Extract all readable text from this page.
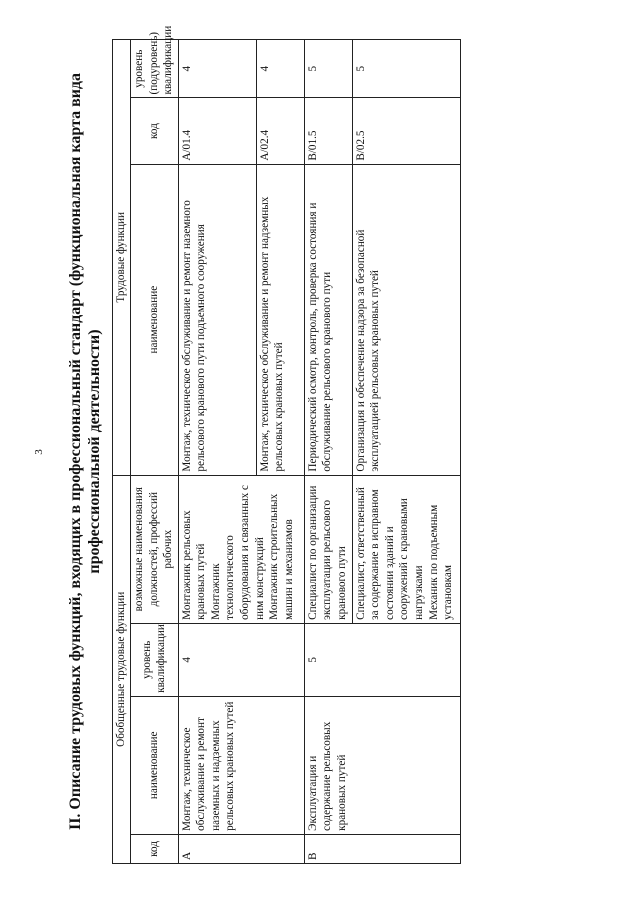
3	II. Описание трудовых функций, входящих в профессиональный стандарт (функциональная карта вида профессиональной деятельности)
Обобщенные трудовые функции				Трудовые функции		
код	наименование	уровень квалификации	возможные наименования должностей, профессий рабочих	наименование	код	уровень (подуровень) квалификации
A	Монтаж, техническое обслуживание и ремонт наземных и надземных рельсовых крановых путей	4	Монтажник рельсовых крановых путей Монтажник технологического оборудования и связанных с ним конструкций Монтажник строительных машин и механизмов	Монтаж, техническое обслуживание и ремонт наземного рельсового кранового пути подъемного сооружения	A/01.4	4
				Монтаж, техническое обслуживание и ремонт надземных рельсовых крановых путей	A/02.4	4
B	Эксплуатация и содержание рельсовых крановых путей	5	Специалист по организации эксплуатации рельсового кранового пути	Периодический осмотр, контроль, проверка состояния и обслуживание рельсового кранового пути	B/01.5	5

			Специалист, ответственный за содержание в исправном состоянии зданий и сооружений с крановыми нагрузками Механик по подъемным установкам	Организация и обеспечение надзора за безопасной эксплуатацией рельсовых крановых путей	B/02.5	5
